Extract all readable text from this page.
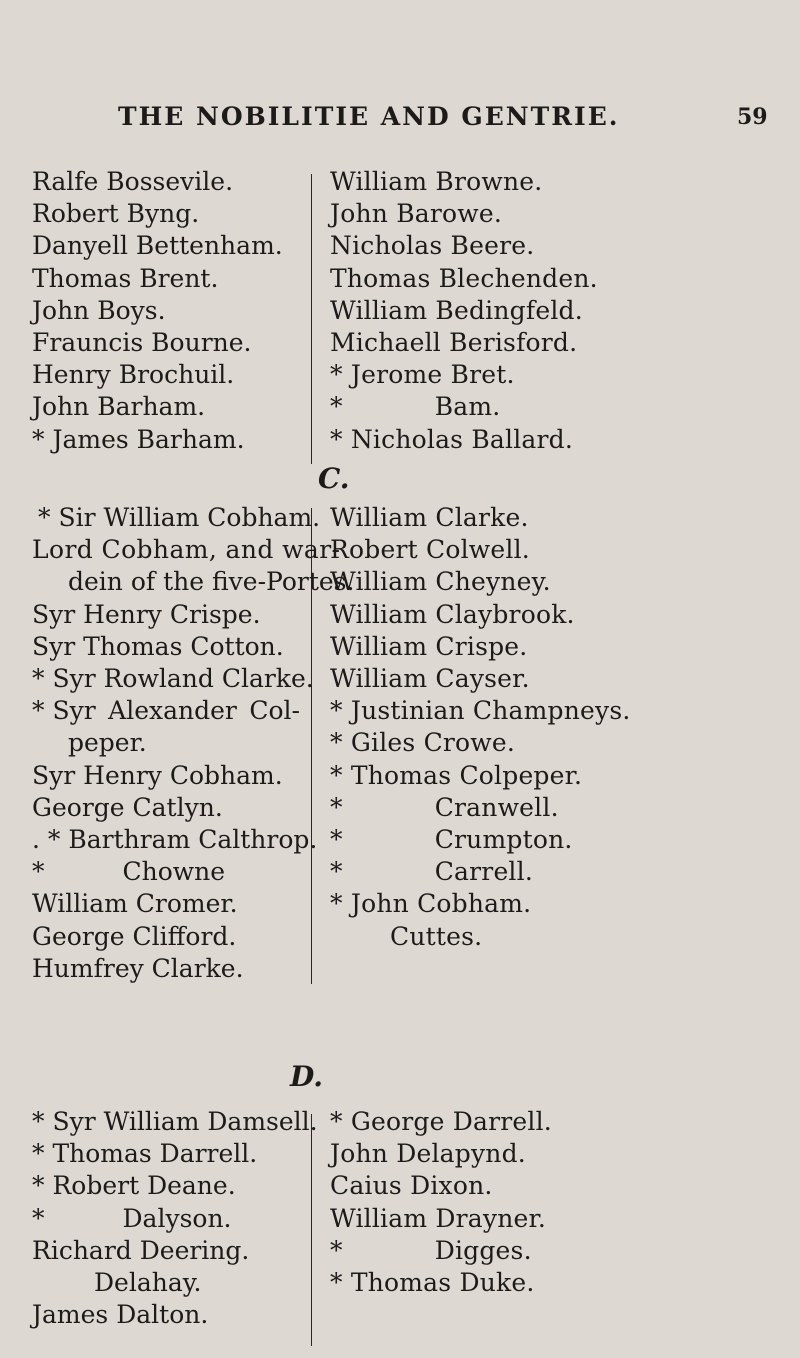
THE NOBILITIE AND GENTRIE.	59
Ralfe Bossevile.
Robert Byng.
Danyell Bettenham.
Thomas Brent.
John Boys.
Frauncis Bourne.
Henry Brochuil.
John Barham.
* James Barham.
William Browne.
John Barowe.
Nicholas Beere.
Thomas Blechenden.
William Bedingfeld.
Michaell Berisford.
* Jerome Bret.
*	Bam.
* Nicholas Ballard.
C.
* Sir William Cobham.
Lord Cobham, and war-
dein of the five-Portes.
Syr Henry Crispe.
Syr Thomas Cotton.
* Syr Rowland Clarke.
* Syr Alexander Col-
peper.
Syr Henry Cobham.
George Catlyn.
. * Barthram Calthrop.
*	Chowne
William Cromer.
George Clifford.
Humfrey Clarke.
William Clarke.
Robert Colwell.
William Cheyney.
William Claybrook.
William Crispe.
William Cayser.
* Justinian Champneys.
* Giles Crowe.
* Thomas Colpeper.
*	Cranwell.
*	Crumpton.
*	Carrell.
* John Cobham.
Cuttes.
D.
* Syr William Damsell.
* Thomas Darrell.
* Robert Deane.
*	Dalyson.
Richard Deering.
Delahay.
James Dalton.
* George Darrell.
John Delapynd.
Caius Dixon.
William Drayner.
*	Digges.
* Thomas Duke.
